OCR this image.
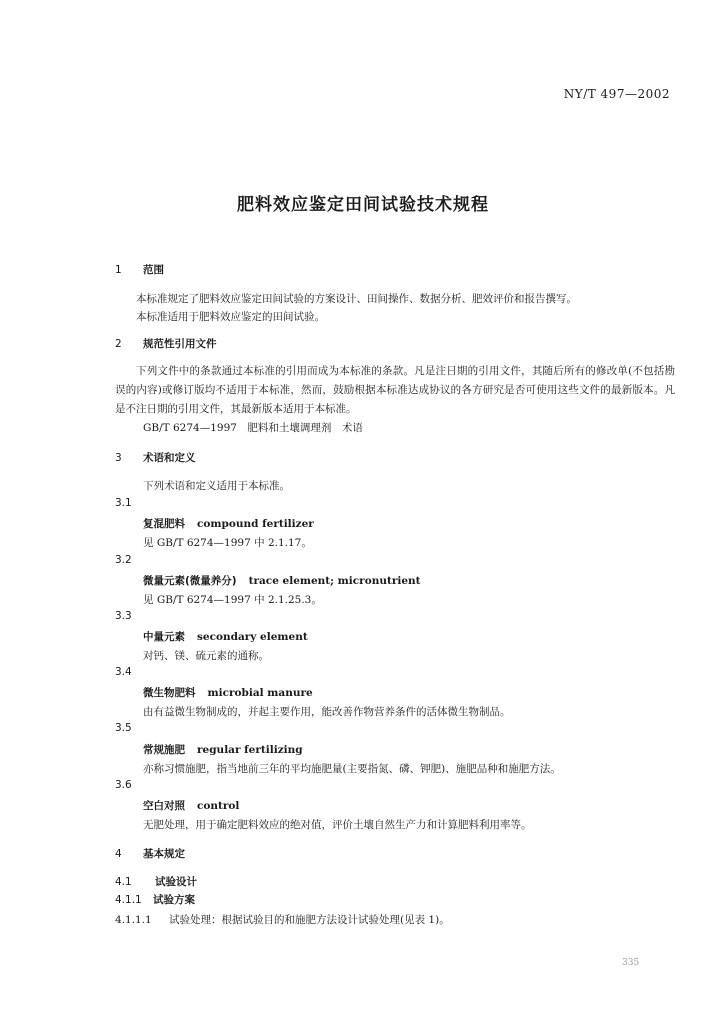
NY/T 497—2002
肥料效应鉴定田间试验技术规程
1 范围
本标准规定了肥料效应鉴定田间试验的方案设计、田间操作、数据分析、肥效评价和报告撰写。
本标准适用于肥料效应鉴定的田间试验。
2 规范性引用文件
下列文件中的条款通过本标准的引用而成为本标准的条款。凡是注日期的引用文件，其随后所有的修改单(不包括勘误的内容)或修订版均不适用于本标准，然而，鼓励根据本标准达成协议的各方研究是否可使用这些文件的最新版本。凡是不注日期的引用文件，其最新版本适用于本标准。
GB/T 6274—1997　肥料和土壤调理剂　术语
3 术语和定义
下列术语和定义适用于本标准。
3.1
复混肥料 compound fertilizer
见 GB/T 6274—1997 中 2.1.17。
3.2
微量元素(微量养分) trace element; micronutrient
见 GB/T 6274—1997 中 2.1.25.3。
3.3
中量元素 secondary element
对钙、镁、硫元素的通称。
3.4
微生物肥料 microbial manure
由有益微生物制成的，并起主要作用，能改善作物营养条件的活体微生物制品。
3.5
常规施肥 regular fertilizing
亦称习惯施肥，指当地前三年的平均施肥量(主要指氮、磷、钾肥)、施肥品种和施肥方法。
3.6
空白对照 control
无肥处理，用于确定肥料效应的绝对值，评价土壤自然生产力和计算肥料利用率等。
4 基本规定
4.1 试验设计
4.1.1 试验方案
4.1.1.1 试验处理：根据试验目的和施肥方法设计试验处理(见表 1)。
335
